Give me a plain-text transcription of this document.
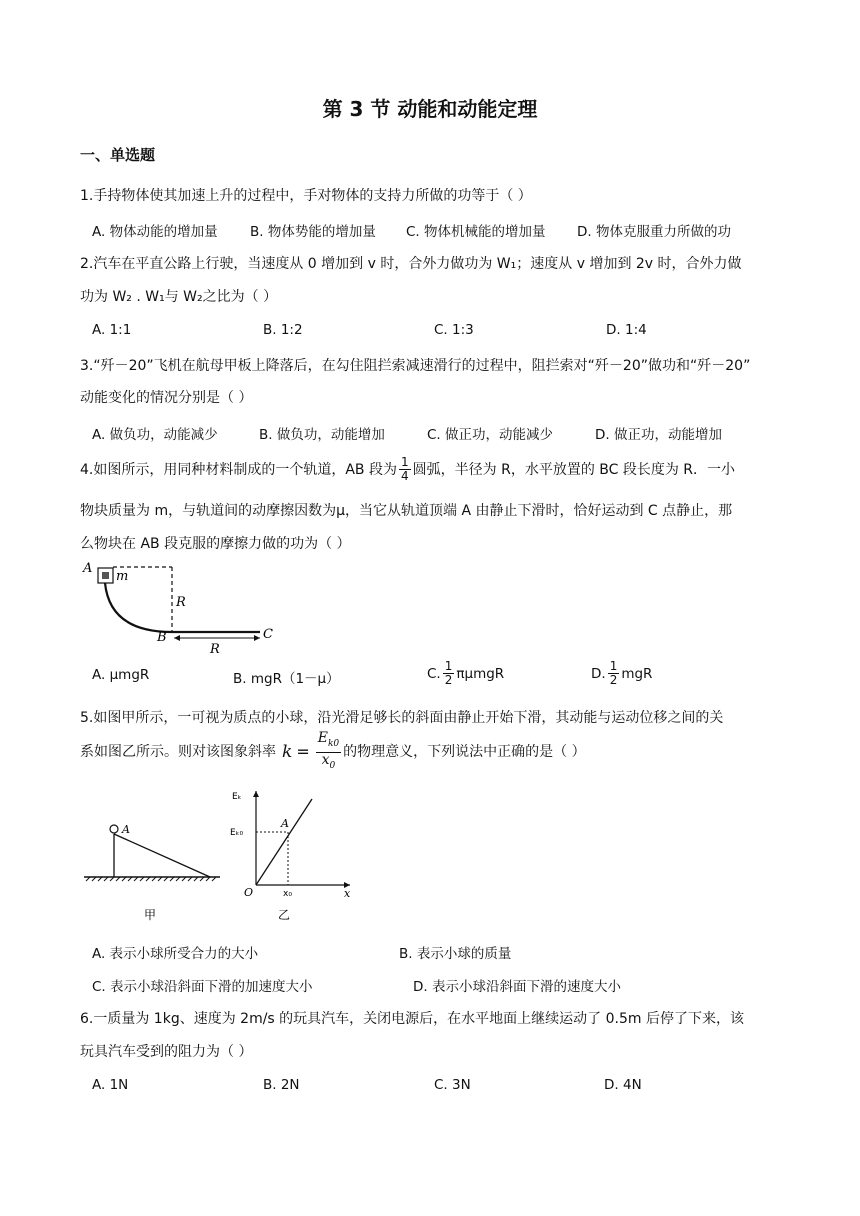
第 3 节 动能和动能定理
一、单选题
1.手持物体使其加速上升的过程中，手对物体的支持力所做的功等于（ ）
A. 物体动能的增加量 B. 物体势能的增加量 C. 物体机械能的增加量 D. 物体克服重力所做的功
2.汽车在平直公路上行驶，当速度从 0 增加到 v 时，合外力做功为 W₁；速度从 v 增加到 2v 时，合外力做
功为 W₂ . W₁与 W₂之比为（ ）
A. 1:1	B. 1:2	C. 1:3	D. 1:4
3.“歼－20”飞机在航母甲板上降落后，在勾住阻拦索减速滑行的过程中，阻拦索对“歼－20”做功和“歼－20”
动能变化的情况分别是（ ）
A. 做负功，动能减少	B. 做负功，动能增加	C. 做正功，动能减少	D. 做正功，动能增加
4.如图所示，用同种材料制成的一个轨道，AB 段为 $\frac{1}{4}$ 圆弧，半径为 R，水平放置的 BC 段长度为 R．一小
物块质量为 m，与轨道间的动摩擦因数为μ，当它从轨道顶端 A 由静止下滑时，恰好运动到 C 点静止，那
么物块在 AB 段克服的摩擦力做的功为（ ）
A
m
R
B	C
R
A. μmgR	B. mgR（1－μ）	C. $\frac{1}{2}$ πμmgR	D. $\frac{1}{2}$ mgR
5.如图甲所示，一可视为质点的小球，沿光滑足够长的斜面由静止开始下滑，其动能与运动位移之间的关
系如图乙所示。则对该图象斜率 $k = \frac{E_{k0}}{x_0}$ 的物理意义，下列说法中正确的是（ ）
A
甲
Eₖ
Eₖ₀
A
O	x₀	x
乙
A. 表示小球所受合力的大小	B. 表示小球的质量
C. 表示小球沿斜面下滑的加速度大小	D. 表示小球沿斜面下滑的速度大小
6.一质量为 1kg、速度为 2m/s 的玩具汽车，关闭电源后，在水平地面上继续运动了 0.5m 后停了下来，该
玩具汽车受到的阻力为（ ）
A. 1N	B. 2N	C. 3N	D. 4N
